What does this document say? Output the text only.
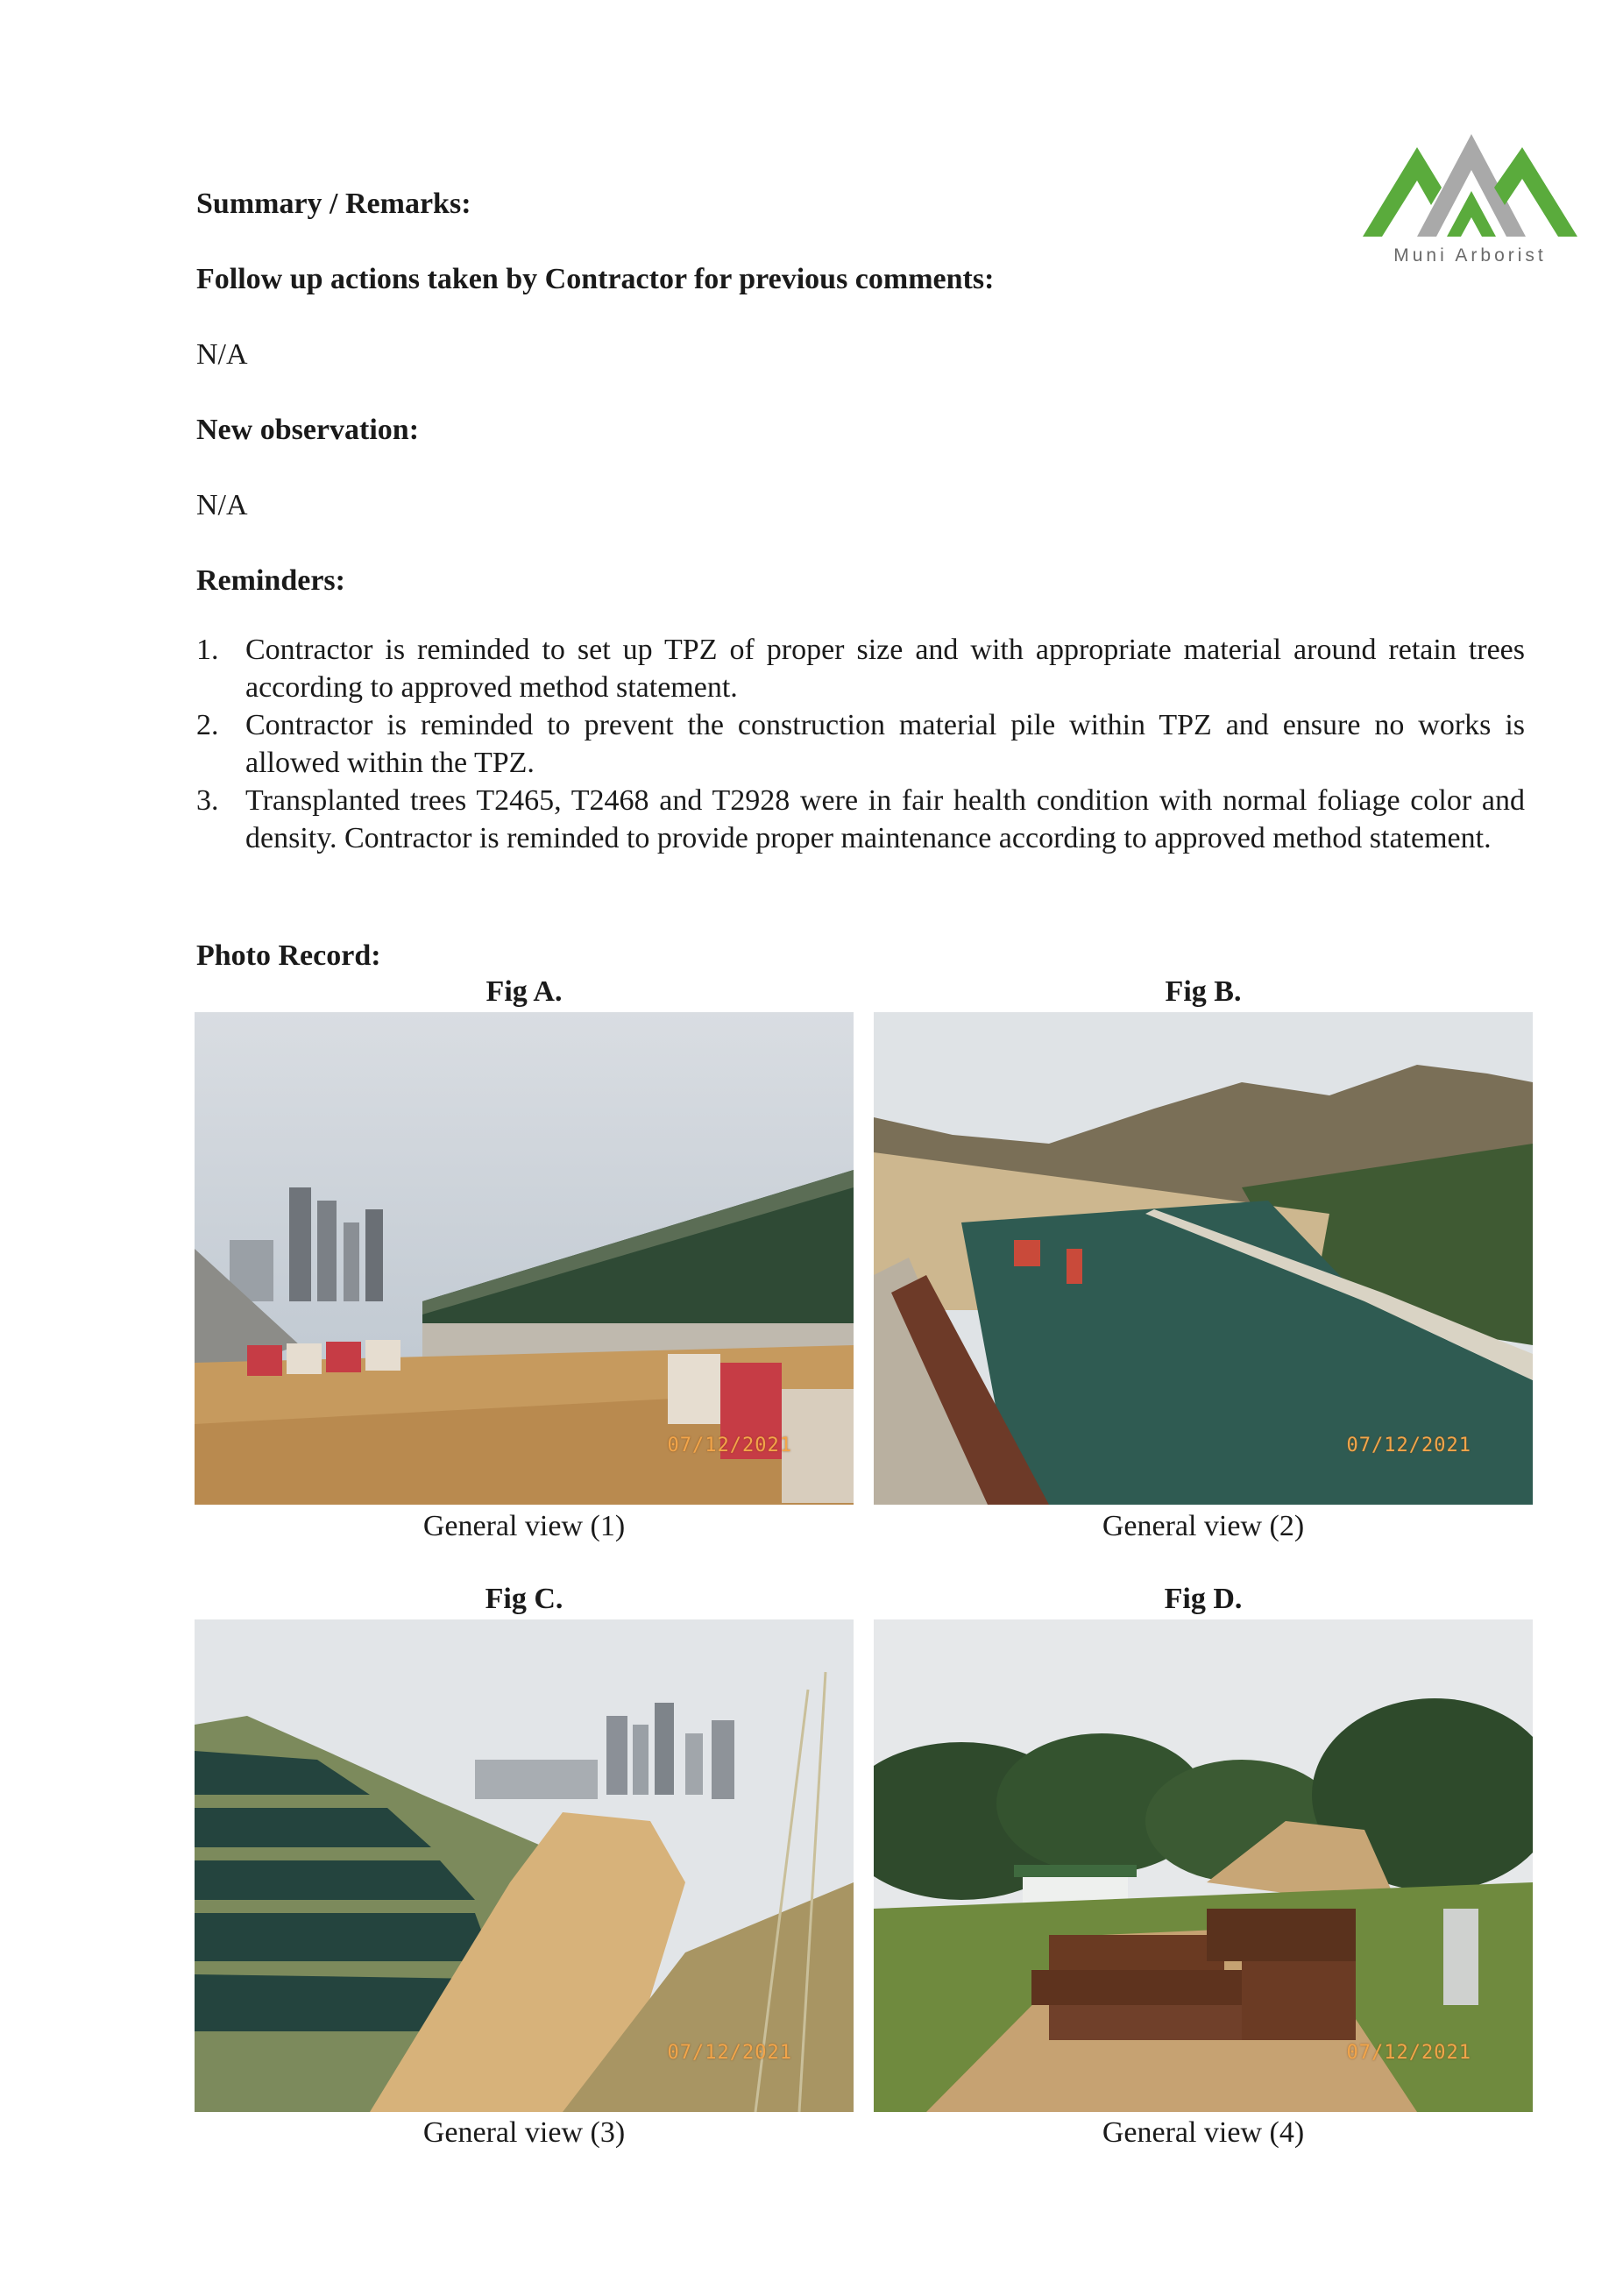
Muni Arborist
Summary / Remarks:
Follow up actions taken by Contractor for previous comments:
N/A
New observation:
N/A
Reminders:
1. Contractor is reminded to set up TPZ of proper size and with appropriate material around retain trees according to approved method statement.
2. Contractor is reminded to prevent the construction material pile within TPZ and ensure no works is allowed within the TPZ.
3. Transplanted trees T2465, T2468 and T2928 were in fair health condition with normal foliage color and density. Contractor is reminded to provide proper maintenance according to approved method statement.
Photo Record:
Fig A.
07/12/2021
General view (1)
Fig B.
07/12/2021
General view (2)
Fig C.
07/12/2021
General view (3)
Fig D.
07/12/2021
General view (4)
